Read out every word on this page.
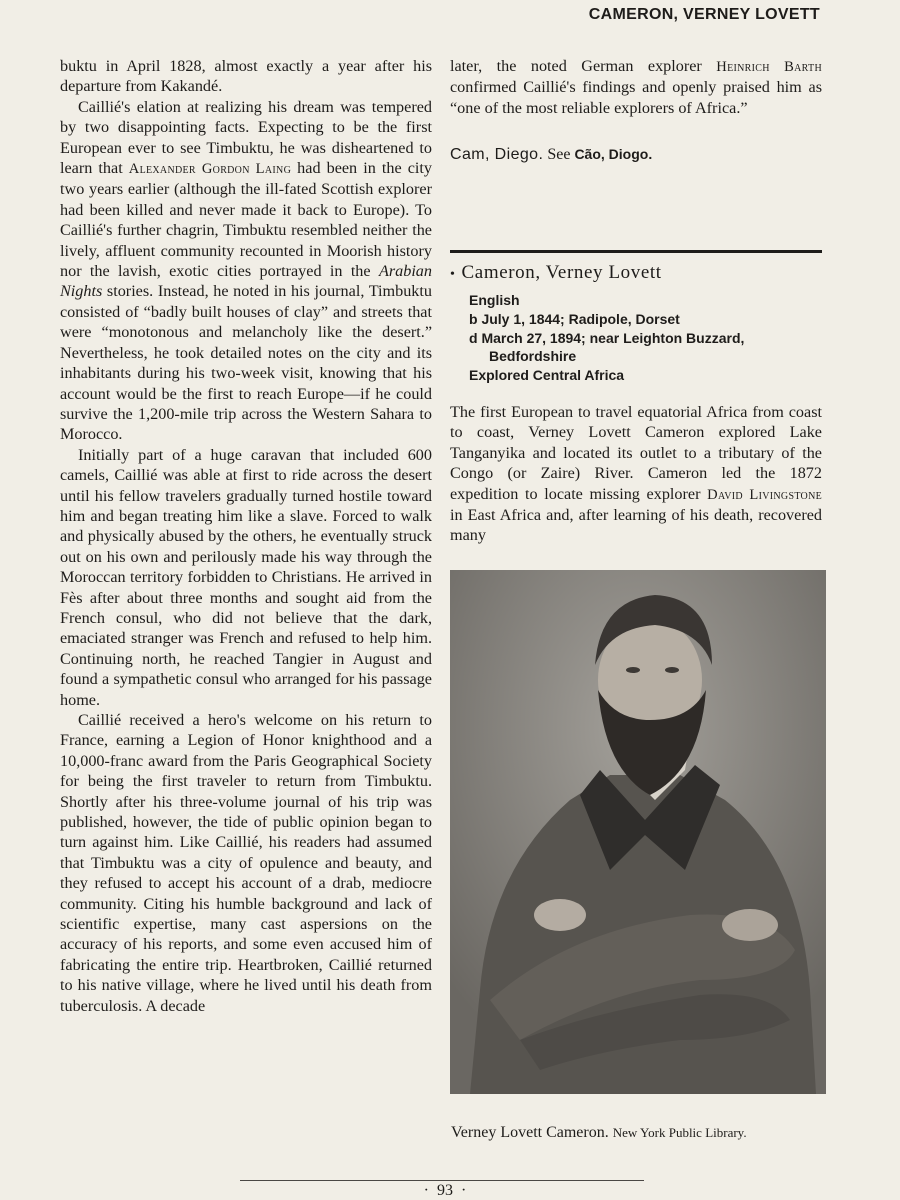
CAMERON, VERNEY LOVETT

buktu in April 1828, almost exactly a year after his departure from Kakandé.

Caillié's elation at realizing his dream was tempered by two disappointing facts. Expecting to be the first European ever to see Timbuktu, he was disheartened to learn that Alexander Gordon Laing had been in the city two years earlier (although the ill-fated Scottish explorer had been killed and never made it back to Europe). To Caillié's further chagrin, Timbuktu resembled neither the lively, affluent community recounted in Moorish history nor the lavish, exotic cities portrayed in the Arabian Nights stories. Instead, he noted in his journal, Timbuktu consisted of “badly built houses of clay” and streets that were “monotonous and melancholy like the desert.” Nevertheless, he took detailed notes on the city and its inhabitants during his two-week visit, knowing that his account would be the first to reach Europe—if he could survive the 1,200-mile trip across the Western Sahara to Morocco.

Initially part of a huge caravan that included 600 camels, Caillié was able at first to ride across the desert until his fellow travelers gradually turned hostile toward him and began treating him like a slave. Forced to walk and physically abused by the others, he eventually struck out on his own and perilously made his way through the Moroccan territory forbidden to Christians. He arrived in Fès after about three months and sought aid from the French consul, who did not believe that the dark, emaciated stranger was French and refused to help him. Continuing north, he reached Tangier in August and found a sympathetic consul who arranged for his passage home.

Caillié received a hero's welcome on his return to France, earning a Legion of Honor knighthood and a 10,000-franc award from the Paris Geographical Society for being the first traveler to return from Timbuktu. Shortly after his three-volume journal of his trip was published, however, the tide of public opinion began to turn against him. Like Caillié, his readers had assumed that Timbuktu was a city of opulence and beauty, and they refused to accept his account of a drab, mediocre community. Citing his humble background and lack of scientific expertise, many cast aspersions on the accuracy of his reports, and some even accused him of fabricating the entire trip. Heartbroken, Caillié returned to his native village, where he lived until his death from tuberculosis. A decade

later, the noted German explorer Heinrich Barth confirmed Caillié's findings and openly praised him as “one of the most reliable explorers of Africa.”

Cam, Diego. See Cão, Diogo.

• Cameron, Verney Lovett
English
b July 1, 1844; Radipole, Dorset
d March 27, 1894; near Leighton Buzzard,
Bedfordshire
Explored Central Africa
The first European to travel equatorial Africa from coast to coast, Verney Lovett Cameron explored Lake Tanganyika and located its outlet to a tributary of the Congo (or Zaire) River. Cameron led the 1872 expedition to locate missing explorer David Livingstone in East Africa and, after learning of his death, recovered many
Verney Lovett Cameron. New York Public Library.
· 93 ·
